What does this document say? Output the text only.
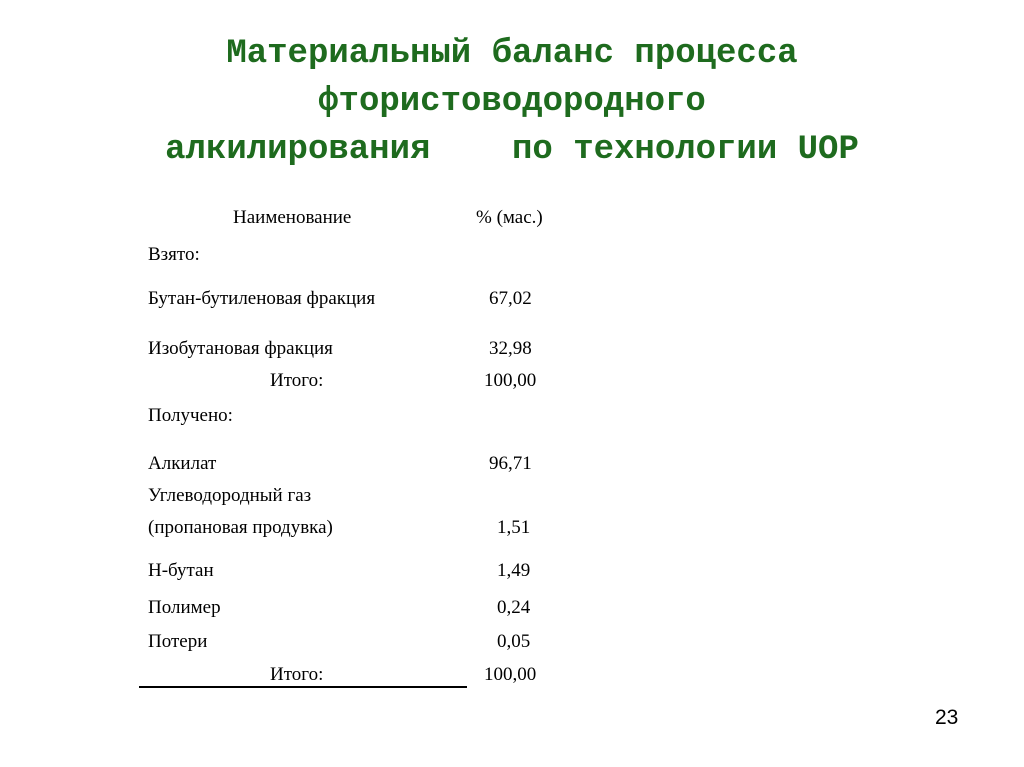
Материальный баланс процесса
фтористоводородного
алкилирования    по технологии UOP
Наименование	% (мас.)
Взято:
Бутан-бутиленовая фракция	67,02
Изобутановая фракция	32,98
Итого:	100,00
Получено:
Алкилат	96,71
Углеводородный газ
(пропановая продувка)	1,51
Н-бутан	1,49
Полимер	0,24
Потери	0,05
Итого:	100,00
23
